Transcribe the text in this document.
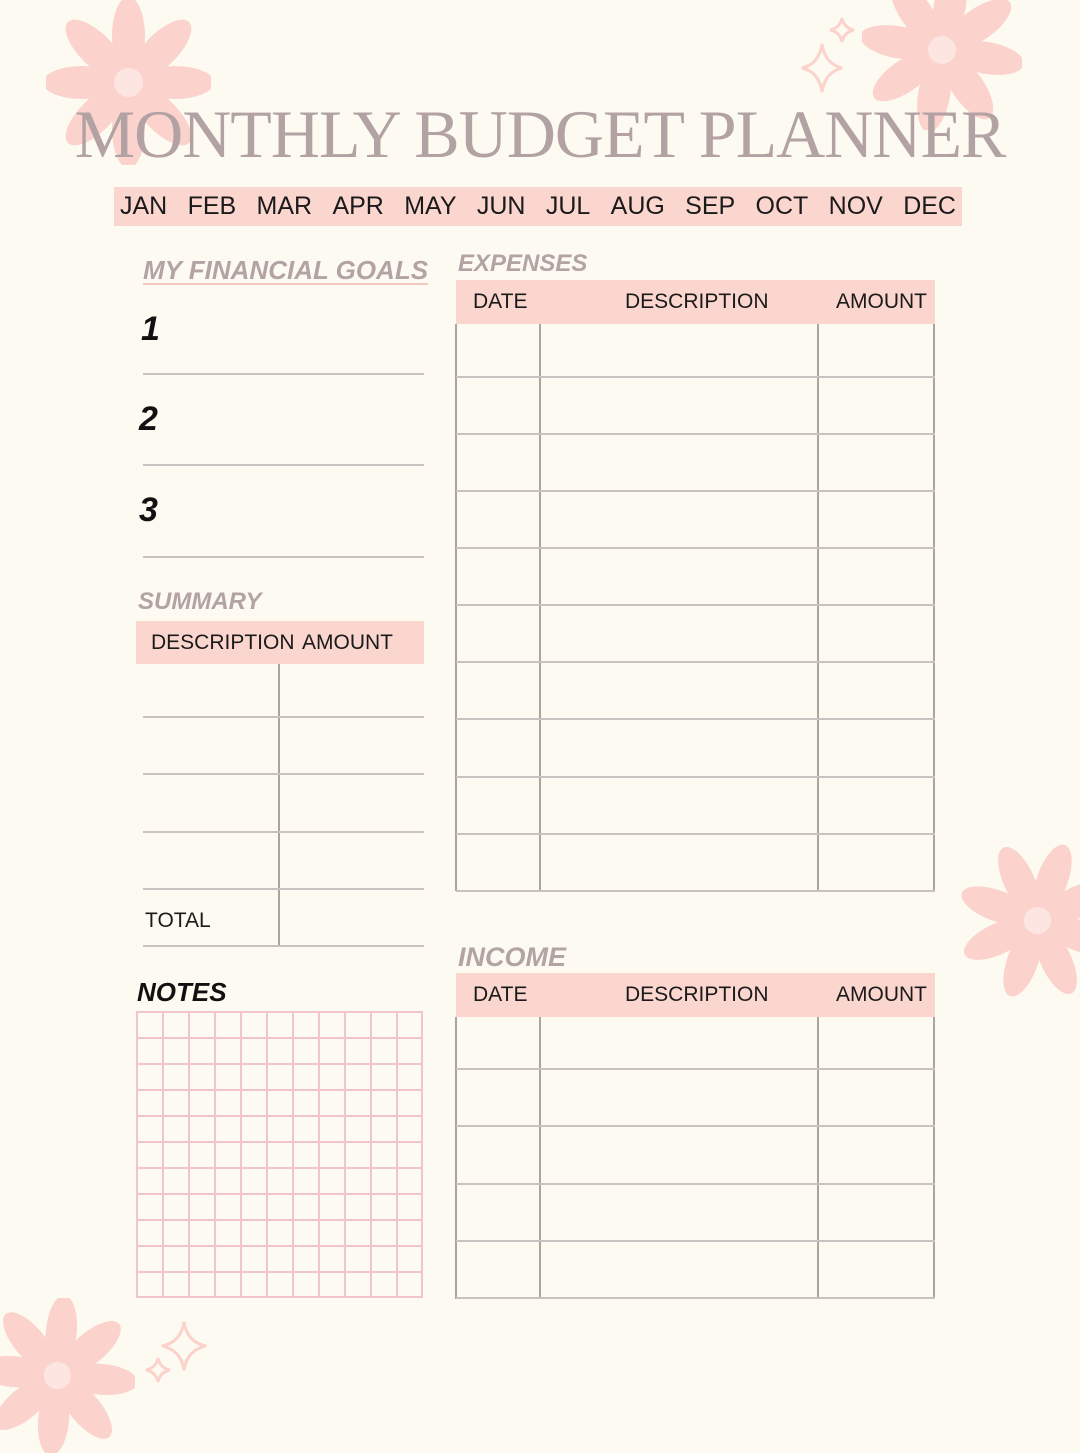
MONTHLY BUDGET PLANNER
JAN FEB MAR APR MAY JUN JUL AUG SEP OCT NOV DEC
MY FINANCIAL GOALS
1
2
3
SUMMARY
DESCRIPTION AMOUNT
TOTAL
NOTES
EXPENSES
DATE	DESCRIPTION	AMOUNT
INCOME
DATE	DESCRIPTION	AMOUNT
